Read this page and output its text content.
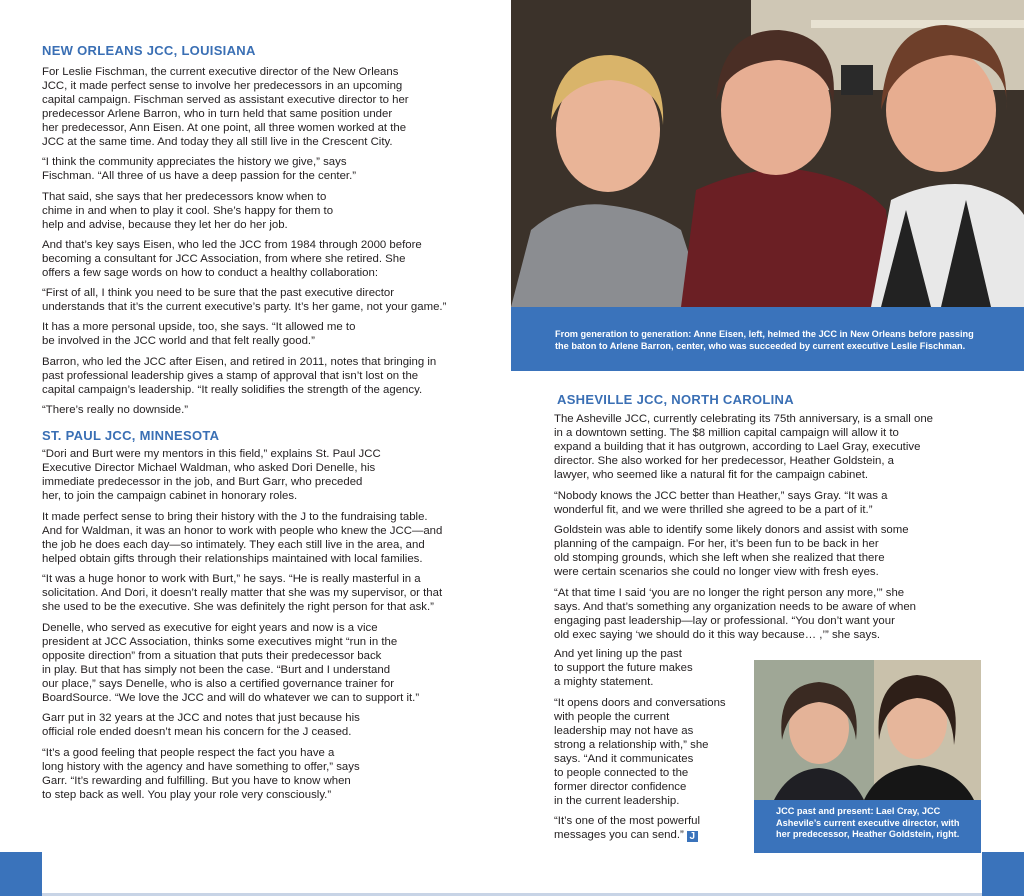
NEW ORLEANS JCC, LOUISIANA

For Leslie Fischman, the current executive director of the New Orleans
JCC, it made perfect sense to involve her predecessors in an upcoming
capital campaign. Fischman served as assistant executive director to her
predecessor Arlene Barron, who in turn held that same position under
her predecessor, Ann Eisen. At one point, all three women worked at the
JCC at the same time. And today they all still live in the Crescent City.

“I think the community appreciates the history we give,” says
Fischman. “All three of us have a deep passion for the center.”

That said, she says that her predecessors know when to
chime in and when to play it cool. She’s happy for them to
help and advise, because they let her do her job.

And that’s key says Eisen, who led the JCC from 1984 through 2000 before
becoming a consultant for JCC Association, from where she retired. She
offers a few sage words on how to conduct a healthy collaboration:

“First of all, I think you need to be sure that the past executive director
understands that it’s the current executive’s party. It’s her game, not your game.”

It has a more personal upside, too, she says. “It allowed me to
be involved in the JCC world and that felt really good.”

Barron, who led the JCC after Eisen, and retired in 2011, notes that bringing in
past professional leadership gives a stamp of approval that isn’t lost on the
capital campaign’s leadership. “It really solidifies the strength of the agency.

“There’s really no downside.”

ST. PAUL JCC, MINNESOTA

“Dori and Burt were my mentors in this field,” explains St. Paul JCC
Executive Director Michael Waldman, who asked Dori Denelle, his
immediate predecessor in the job, and Burt Garr, who preceded
her, to join the campaign cabinet in honorary roles.

It made perfect sense to bring their history with the J to the fundraising table.
And for Waldman, it was an honor to work with people who knew the JCC—and
the job he does each day—so intimately. They each still live in the area, and
helped obtain gifts through their relationships maintained with local families.

“It was a huge honor to work with Burt,” he says. “He is really masterful in a
solicitation. And Dori, it doesn’t really matter that she was my supervisor, or that
she used to be the executive. She was definitely the right person for that ask.”

Denelle, who served as executive for eight years and now is a vice
president at JCC Association, thinks some executives might “run in the
opposite direction” from a situation that puts their predecessor back
in play. But that has simply not been the case. “Burt and I understand
our place,” says Denelle, who is also a certified governance trainer for
BoardSource. “We love the JCC and will do whatever we can to support it.”

Garr put in 32 years at the JCC and notes that just because his
official role ended doesn’t mean his concern for the J ceased.

“It’s a good feeling that people respect the fact you have a
long history with the agency and have something to offer,” says
Garr. “It’s rewarding and fulfilling. But you have to know when
to step back as well. You play your role very consciously.”

From generation to generation: Anne Eisen, left, helmed the JCC in New Orleans before passing
the baton to Arlene Barron, center, who was succeeded by current executive Leslie Fischman.
ASHEVILLE JCC, NORTH CAROLINA

The Asheville JCC, currently celebrating its 75th anniversary, is a small one
in a downtown setting. The $8 million capital campaign will allow it to
expand a building that it has outgrown, according to Lael Gray, executive
director. She also worked for her predecessor, Heather Goldstein, a
lawyer, who seemed like a natural fit for the campaign cabinet.

“Nobody knows the JCC better than Heather,” says Gray. “It was a
wonderful fit, and we were thrilled she agreed to be a part of it.”

Goldstein was able to identify some likely donors and assist with some
planning of the campaign. For her, it’s been fun to be back in her
old stomping grounds, which she left when she realized that there
were certain scenarios she could no longer view with fresh eyes.

“At that time I said ‘you are no longer the right person any more,’” she
says. And that’s something any organization needs to be aware of when
engaging past leadership—lay or professional. “You don’t want your
old exec saying ‘we should do it this way because… ,’” she says.

And yet lining up the past
to support the future makes
a mighty statement.

“It opens doors and conversations
with people the current
leadership may not have as
strong a relationship with,” she
says. “And it communicates
to people connected to the
former director confidence
in the current leadership.

“It’s one of the most powerful
messages you can send.” J

JCC past and present: Lael Cray, JCC
Ashevile’s current executive director, with
her predecessor, Heather Goldstein, right.
